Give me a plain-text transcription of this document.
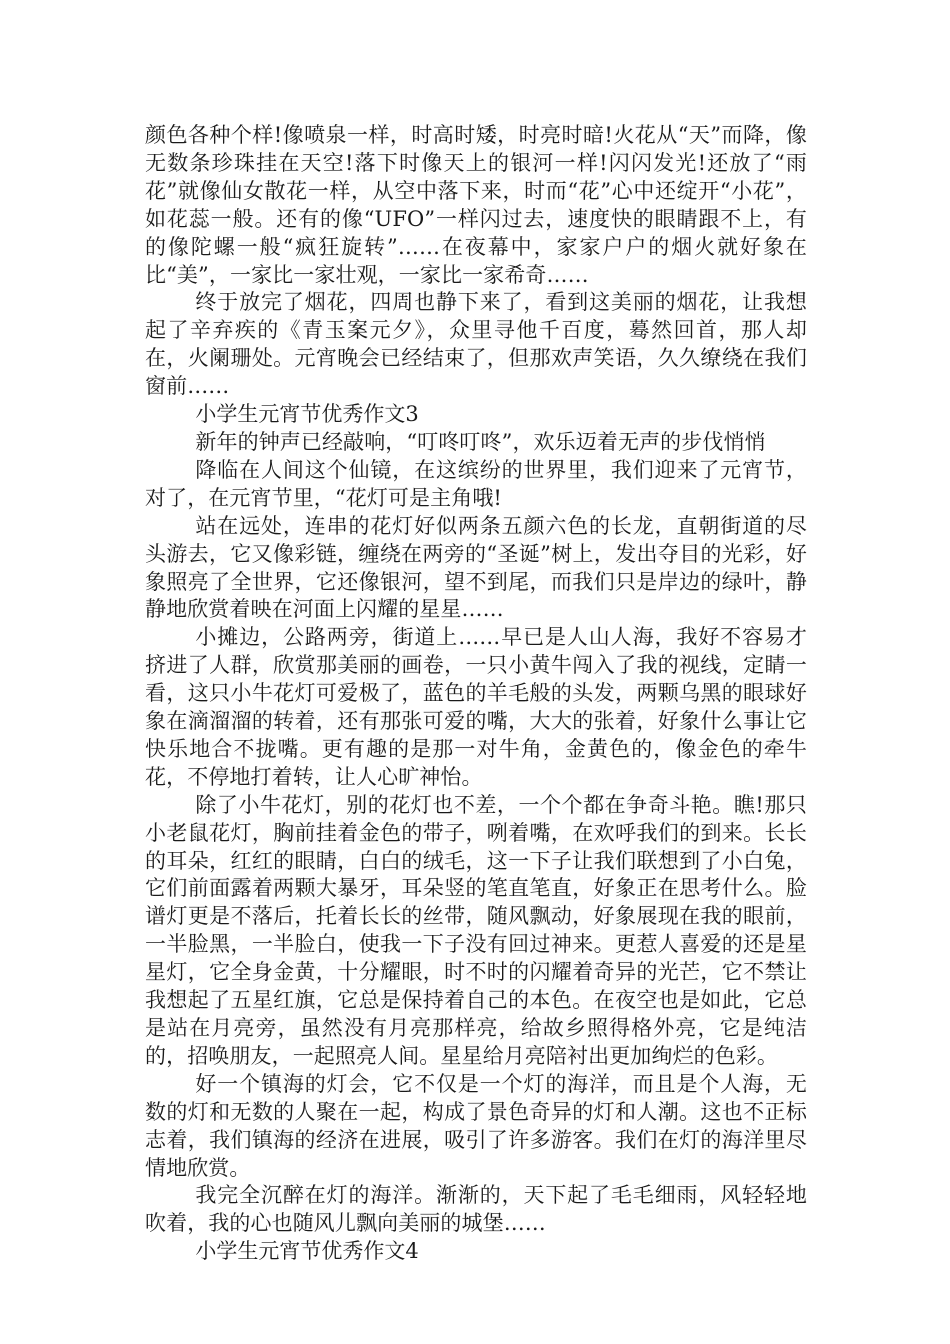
颜色各种个样!像喷泉一样，时高时矮，时亮时暗!火花从“天”而降，像无数条珍珠挂在天空!落下时像天上的银河一样!闪闪发光!还放了“雨花”就像仙女散花一样，从空中落下来，时而“花”心中还绽开“小花”，如花蕊一般。还有的像“UFO”一样闪过去，速度快的眼睛跟不上，有的像陀螺一般“疯狂旋转”……在夜幕中，家家户户的烟火就好象在比“美”，一家比一家壮观，一家比一家希奇……

终于放完了烟花，四周也静下来了，看到这美丽的烟花，让我想起了辛弃疾的《青玉案元夕》，众里寻他千百度，蓦然回首，那人却在，火阑珊处。元宵晚会已经结束了，但那欢声笑语，久久缭绕在我们窗前……

小学生元宵节优秀作文3

新年的钟声已经敲响，“叮咚叮咚”，欢乐迈着无声的步伐悄悄

降临在人间这个仙镜，在这缤纷的世界里，我们迎来了元宵节，对了，在元宵节里，“花灯可是主角哦!

站在远处，连串的花灯好似两条五颜六色的长龙，直朝街道的尽头游去，它又像彩链，缠绕在两旁的“圣诞”树上，发出夺目的光彩，好象照亮了全世界，它还像银河，望不到尾，而我们只是岸边的绿叶，静静地欣赏着映在河面上闪耀的星星……

小摊边，公路两旁，街道上……早已是人山人海，我好不容易才挤进了人群，欣赏那美丽的画卷，一只小黄牛闯入了我的视线，定睛一看，这只小牛花灯可爱极了，蓝色的羊毛般的头发，两颗乌黑的眼球好象在滴溜溜的转着，还有那张可爱的嘴，大大的张着，好象什么事让它快乐地合不拢嘴。更有趣的是那一对牛角，金黄色的，像金色的牵牛花，不停地打着转，让人心旷神怡。

除了小牛花灯，别的花灯也不差，一个个都在争奇斗艳。瞧!那只小老鼠花灯，胸前挂着金色的带子，咧着嘴，在欢呼我们的到来。长长的耳朵，红红的眼睛，白白的绒毛，这一下子让我们联想到了小白兔，它们前面露着两颗大暴牙，耳朵竖的笔直笔直，好象正在思考什么。脸谱灯更是不落后，托着长长的丝带，随风飘动，好象展现在我的眼前，一半脸黑，一半脸白，使我一下子没有回过神来。更惹人喜爱的还是星星灯，它全身金黄，十分耀眼，时不时的闪耀着奇异的光芒，它不禁让我想起了五星红旗，它总是保持着自己的本色。在夜空也是如此，它总是站在月亮旁，虽然没有月亮那样亮，给故乡照得格外亮，它是纯洁的，招唤朋友，一起照亮人间。星星给月亮陪衬出更加绚烂的色彩。

好一个镇海的灯会，它不仅是一个灯的海洋，而且是个人海，无数的灯和无数的人聚在一起，构成了景色奇异的灯和人潮。这也不正标志着，我们镇海的经济在进展，吸引了许多游客。我们在灯的海洋里尽情地欣赏。

我完全沉醉在灯的海洋。渐渐的，天下起了毛毛细雨，风轻轻地吹着，我的心也随风儿飘向美丽的城堡……

小学生元宵节优秀作文4
